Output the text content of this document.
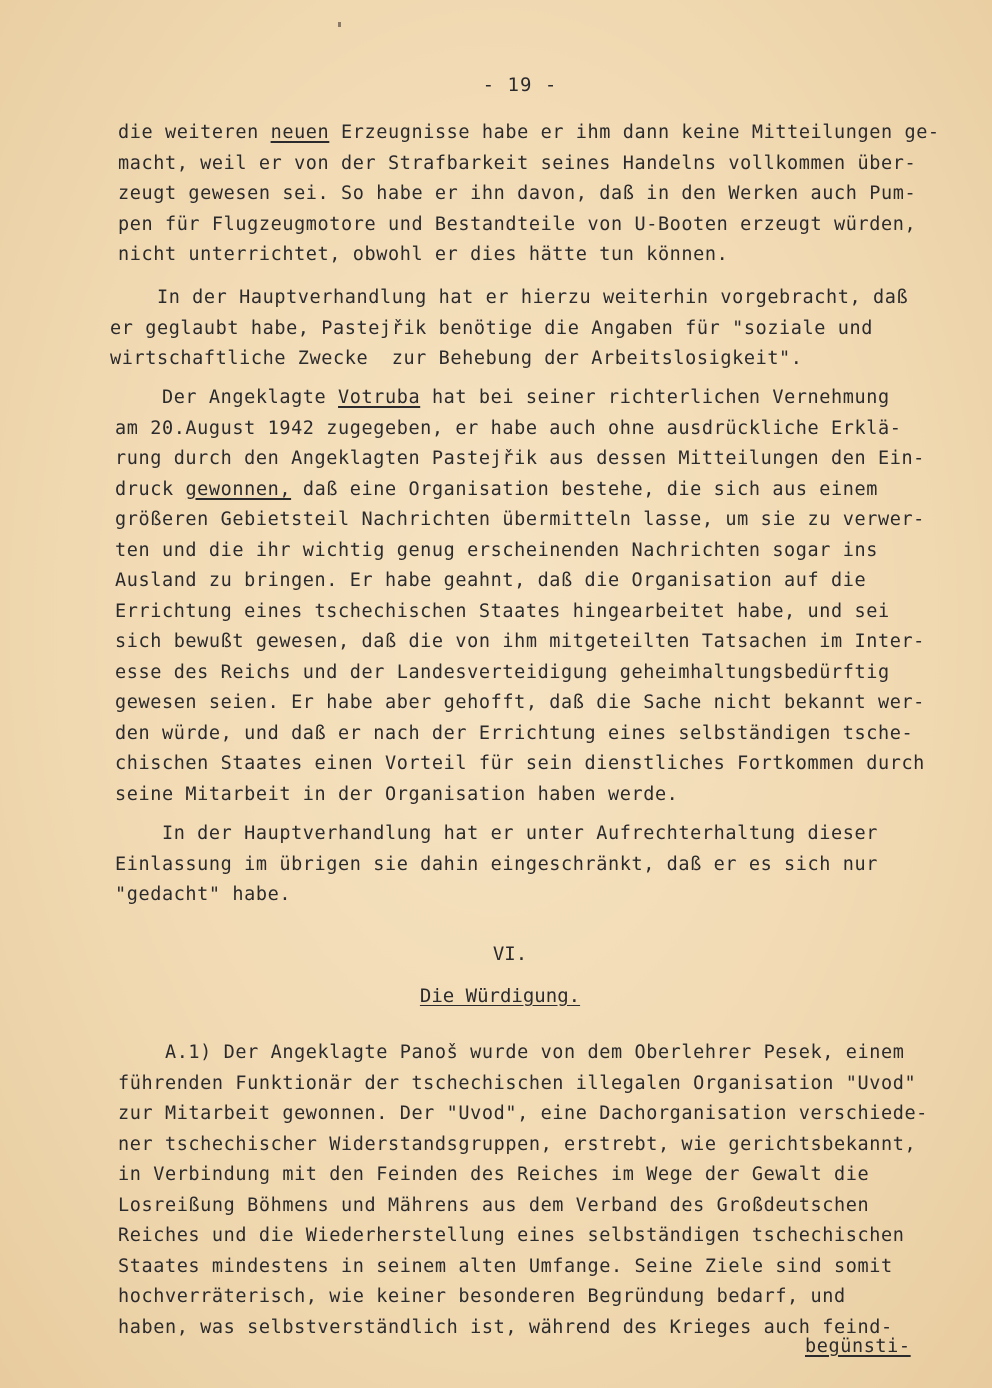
- 19 -
die weiteren neuen Erzeugnisse habe er ihm dann keine Mitteilungen ge-
macht, weil er von der Strafbarkeit seines Handelns vollkommen über-
zeugt gewesen sei. So habe er ihn davon, daß in den Werken auch Pum-
pen für Flugzeugmotore und Bestandteile von U-Booten erzeugt würden,
nicht unterrichtet, obwohl er dies hätte tun können.
In der Hauptverhandlung hat er hierzu weiterhin vorgebracht, daß
er geglaubt habe, Pastejřik benötige die Angaben für "soziale und
wirtschaftliche Zwecke  zur Behebung der Arbeitslosigkeit".
Der Angeklagte Votruba hat bei seiner richterlichen Vernehmung
am 20.August 1942 zugegeben, er habe auch ohne ausdrückliche Erklä-
rung durch den Angeklagten Pastejřik aus dessen Mitteilungen den Ein-
druck gewonnen, daß eine Organisation bestehe, die sich aus einem
größeren Gebietsteil Nachrichten übermitteln lasse, um sie zu verwer-
ten und die ihr wichtig genug erscheinenden Nachrichten sogar ins
Ausland zu bringen. Er habe geahnt, daß die Organisation auf die
Errichtung eines tschechischen Staates hingearbeitet habe, und sei
sich bewußt gewesen, daß die von ihm mitgeteilten Tatsachen im Inter-
esse des Reichs und der Landesverteidigung geheimhaltungsbedürftig
gewesen seien. Er habe aber gehofft, daß die Sache nicht bekannt wer-
den würde, und daß er nach der Errichtung eines selbständigen tsche-
chischen Staates einen Vorteil für sein dienstliches Fortkommen durch
seine Mitarbeit in der Organisation haben werde.
In der Hauptverhandlung hat er unter Aufrechterhaltung dieser
Einlassung im übrigen sie dahin eingeschränkt, daß er es sich nur
"gedacht" habe.
VI.
Die Würdigung.
A.1) Der Angeklagte Panoš wurde von dem Oberlehrer Pesek, einem
führenden Funktionär der tschechischen illegalen Organisation "Uvod"
zur Mitarbeit gewonnen. Der "Uvod", eine Dachorganisation verschiede-
ner tschechischer Widerstandsgruppen, erstrebt, wie gerichtsbekannt,
in Verbindung mit den Feinden des Reiches im Wege der Gewalt die
Losreißung Böhmens und Mährens aus dem Verband des Großdeutschen
Reiches und die Wiederherstellung eines selbständigen tschechischen
Staates mindestens in seinem alten Umfange. Seine Ziele sind somit
hochverräterisch, wie keiner besonderen Begründung bedarf, und
haben, was selbstverständlich ist, während des Krieges auch feind-
begünsti-
